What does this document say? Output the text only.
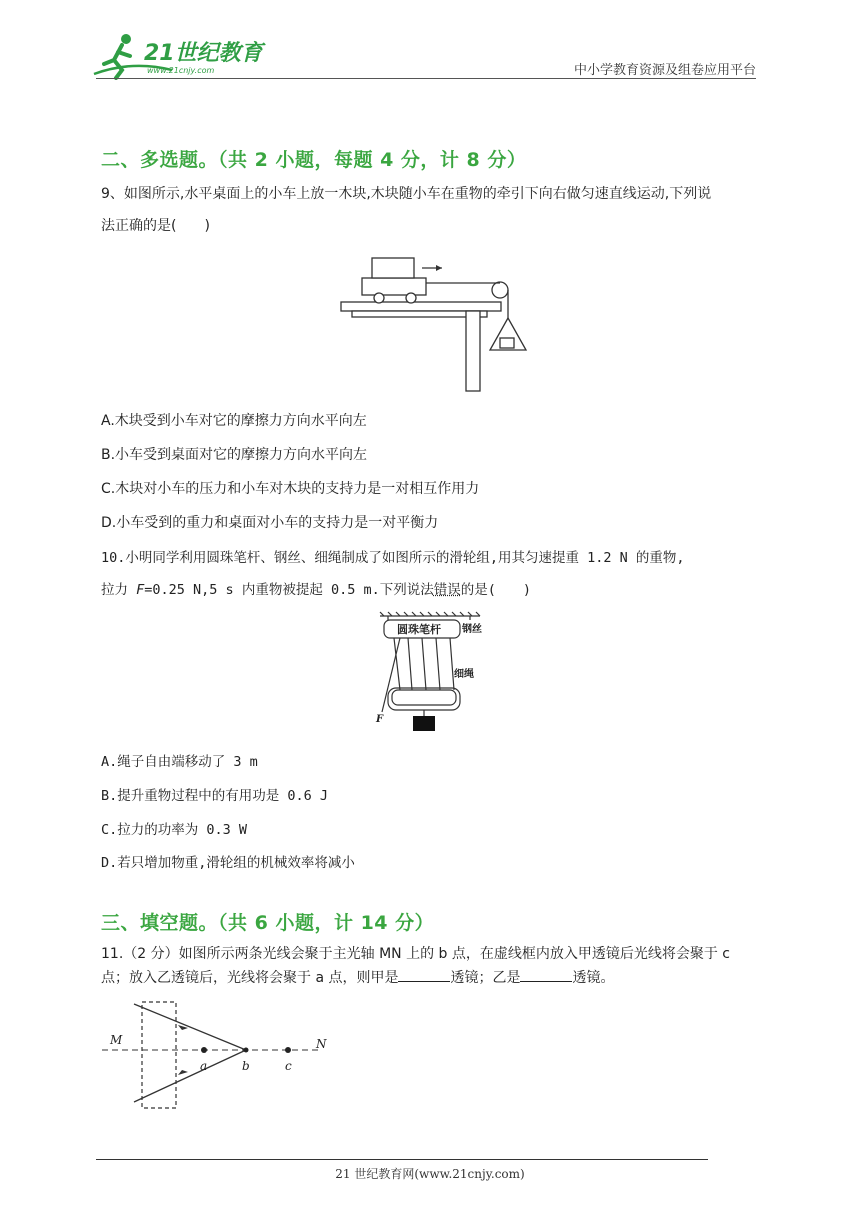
21世纪教育
www.21cnjy.com	中小学教育资源及组卷应用平台
二、多选题。（共 2 小题，每题 4 分，计 8 分）
9、如图所示,水平桌面上的小车上放一木块,木块随小车在重物的牵引下向右做匀速直线运动,下列说
法正确的是(　　)
A.木块受到小车对它的摩擦力方向水平向左
B.小车受到桌面对它的摩擦力方向水平向左
C.木块对小车的压力和小车对木块的支持力是一对相互作用力
D.小车受到的重力和桌面对小车的支持力是一对平衡力
10.小明同学利用圆珠笔杆、钢丝、细绳制成了如图所示的滑轮组,用其匀速提重 1.2 N 的重物,
拉力 F=0.25 N,5 s 内重物被提起 0.5 m.下列说法错误的是(　　)
圆珠笔杆 钢丝
细绳
F
A.绳子自由端移动了 3 m
B.提升重物过程中的有用功是 0.6 J
C.拉力的功率为 0.3 W
D.若只增加物重,滑轮组的机械效率将减小
三、填空题。（共 6 小题，计 14 分）
11.（2 分）如图所示两条光线会聚于主光轴 MN 上的 b 点，在虚线框内放入甲透镜后光线将会聚于 c
点；放入乙透镜后，光线将会聚于 a 点，则甲是	透镜；乙是	透镜。
M	N
a	b	c
21 世纪教育网(www.21cnjy.com)
